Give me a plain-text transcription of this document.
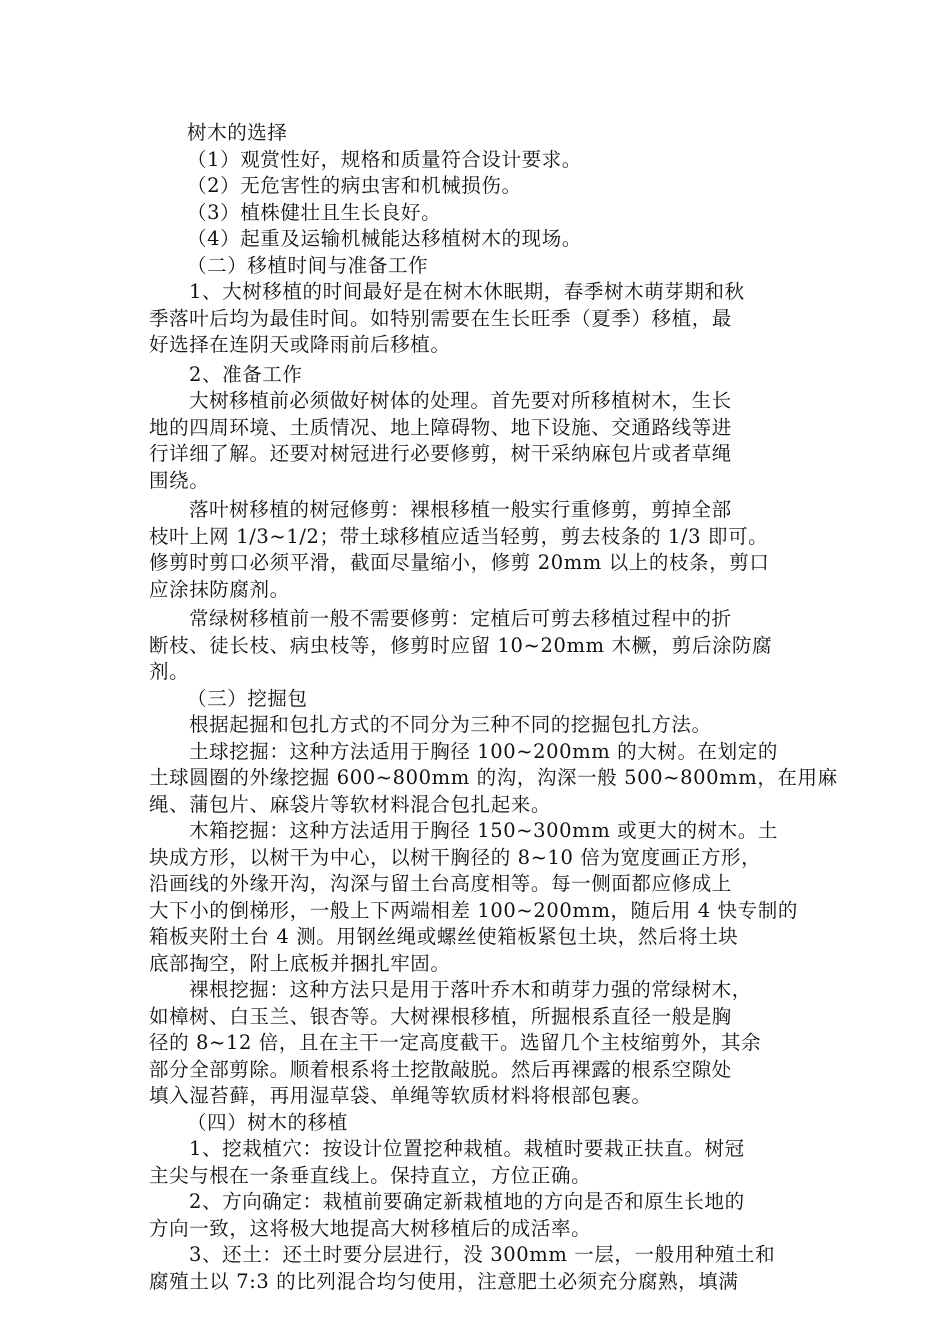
树木的选择

（1）观赏性好，规格和质量符合设计要求。

（2）无危害性的病虫害和机械损伤。

（3）植株健壮且生长良好。

（4）起重及运输机械能达移植树木的现场。

（二）移植时间与准备工作

1、大树移植的时间最好是在树木休眠期，春季树木萌芽期和秋

季落叶后均为最佳时间。如特别需要在生长旺季（夏季）移植，最

好选择在连阴天或降雨前后移植。

2、准备工作

大树移植前必须做好树体的处理。首先要对所移植树木，生长

地的四周环境、土质情况、地上障碍物、地下设施、交通路线等进

行详细了解。还要对树冠进行必要修剪，树干采纳麻包片或者草绳

围绕。

落叶树移植的树冠修剪：裸根移植一般实行重修剪，剪掉全部

枝叶上网 1/3~1/2；带土球移植应适当轻剪，剪去枝条的 1/3 即可。

修剪时剪口必须平滑，截面尽量缩小，修剪 20mm 以上的枝条，剪口

应涂抹防腐剂。

常绿树移植前一般不需要修剪：定植后可剪去移植过程中的折

断枝、徒长枝、病虫枝等，修剪时应留 10~20mm 木橛，剪后涂防腐

剂。

（三）挖掘包

根据起掘和包扎方式的不同分为三种不同的挖掘包扎方法。

土球挖掘：这种方法适用于胸径 100~200mm 的大树。在划定的

土球圆圈的外缘挖掘 600~800mm 的沟，沟深一般 500~800mm，在用麻

绳、蒲包片、麻袋片等软材料混合包扎起来。

木箱挖掘：这种方法适用于胸径 150~300mm 或更大的树木。土

块成方形，以树干为中心，以树干胸径的 8~10 倍为宽度画正方形，

沿画线的外缘开沟，沟深与留土台高度相等。每一侧面都应修成上

大下小的倒梯形，一般上下两端相差 100~200mm，随后用 4 快专制的

箱板夹附土台 4 测。用钢丝绳或螺丝使箱板紧包土块，然后将土块

底部掏空，附上底板并捆扎牢固。

裸根挖掘：这种方法只是用于落叶乔木和萌芽力强的常绿树木，

如樟树、白玉兰、银杏等。大树裸根移植，所掘根系直径一般是胸

径的 8~12 倍，且在主干一定高度截干。选留几个主枝缩剪外，其余

部分全部剪除。顺着根系将土挖散敲脱。然后再裸露的根系空隙处

填入湿苔藓，再用湿草袋、单绳等软质材料将根部包裹。

（四）树木的移植

1、挖栽植穴：按设计位置挖种栽植。栽植时要栽正扶直。树冠

主尖与根在一条垂直线上。保持直立，方位正确。

2、方向确定：栽植前要确定新栽植地的方向是否和原生长地的

方向一致，这将极大地提高大树移植后的成活率。

3、还土：还土时要分层进行，没 300mm 一层，一般用种殖土和

腐殖土以 7:3 的比列混合均匀使用，注意肥土必须充分腐熟，填满
